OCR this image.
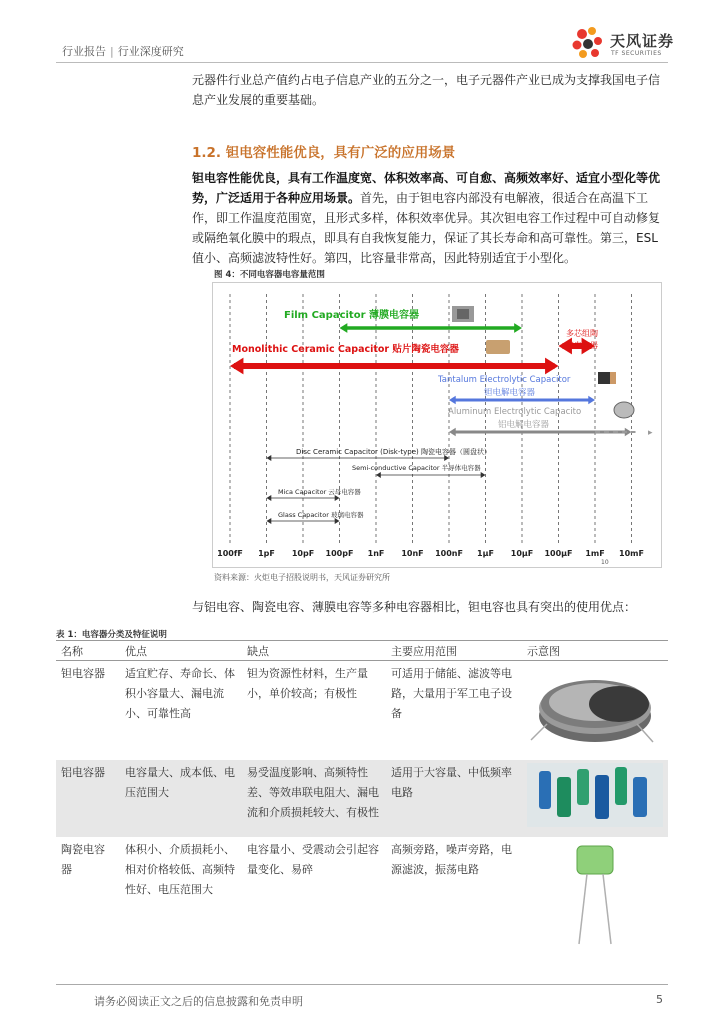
行业报告 | 行业深度研究
天风证券
TF SECURITIES
元器件行业总产值约占电子信息产业的五分之一，电子元器件产业已成为支撑我国电子信息产业发展的重要基础。
1.2. 钽电容性能优良，具有广泛的应用场景
钽电容性能优良，具有工作温度宽、体积效率高、可自愈、高频效率好、适宜小型化等优势，广泛适用于各种应用场景。首先，由于钽电容内部没有电解液，很适合在高温下工作，即工作温度范围宽，且形式多样，体积效率优异。其次钽电容工作过程中可自动修复或隔绝氧化膜中的瑕点，即具有自我恢复能力，保证了其长寿命和高可靠性。第三，ESL 值小、高频滤波特性好。第四，比容量非常高，因此特别适宜于小型化。
图 4：不同电容器电容量范围
Film Capacitor 薄膜电容器
Monolithic Ceramic Capacitor 贴片陶瓷电容器
多芯组陶
瓷电容器
Tantalum Electrolytic Capacitor
钽电解电容器
Aluminum Electrolytic Capacito
铝电解电容器
▸
Disc Ceramic Capacitor (Disk-type) 陶瓷电容器（圆盘状）
Semi-conductive Capacitor 半导体电容器
Mica Capacitor 云母电容器
Glass Capacitor 玻璃电容器
100fF 1pF 10pF 100pF 1nF 10nF 100nF 1μF 10μF 100μF 1mF 10mF
10
资料来源：火炬电子招股说明书，天风证券研究所
与铝电容、陶瓷电容、薄膜电容等多种电容器相比，钽电容也具有突出的使用优点：
表 1：电容器分类及特征说明
名称	优点	缺点	主要应用范围	示意图
钽电容器	适宜贮存、寿命长、体积小容量大、漏电流小、可靠性高	钽为资源性材料，生产量小，单价较高；有极性	可适用于储能、滤波等电路，大量用于军工电子设备	
铝电容器	电容量大、成本低、电压范围大	易受温度影响、高频特性差、等效串联电阻大、漏电流和介质损耗较大、有极性	适用于大容量、中低频率电路	
陶瓷电容器	体积小、介质损耗小、相对价格较低、高频特性好、电压范围大	电容量小、受震动会引起容量变化、易碎	高频旁路，噪声旁路，电源滤波，振荡电路	
请务必阅读正文之后的信息披露和免责申明	5
